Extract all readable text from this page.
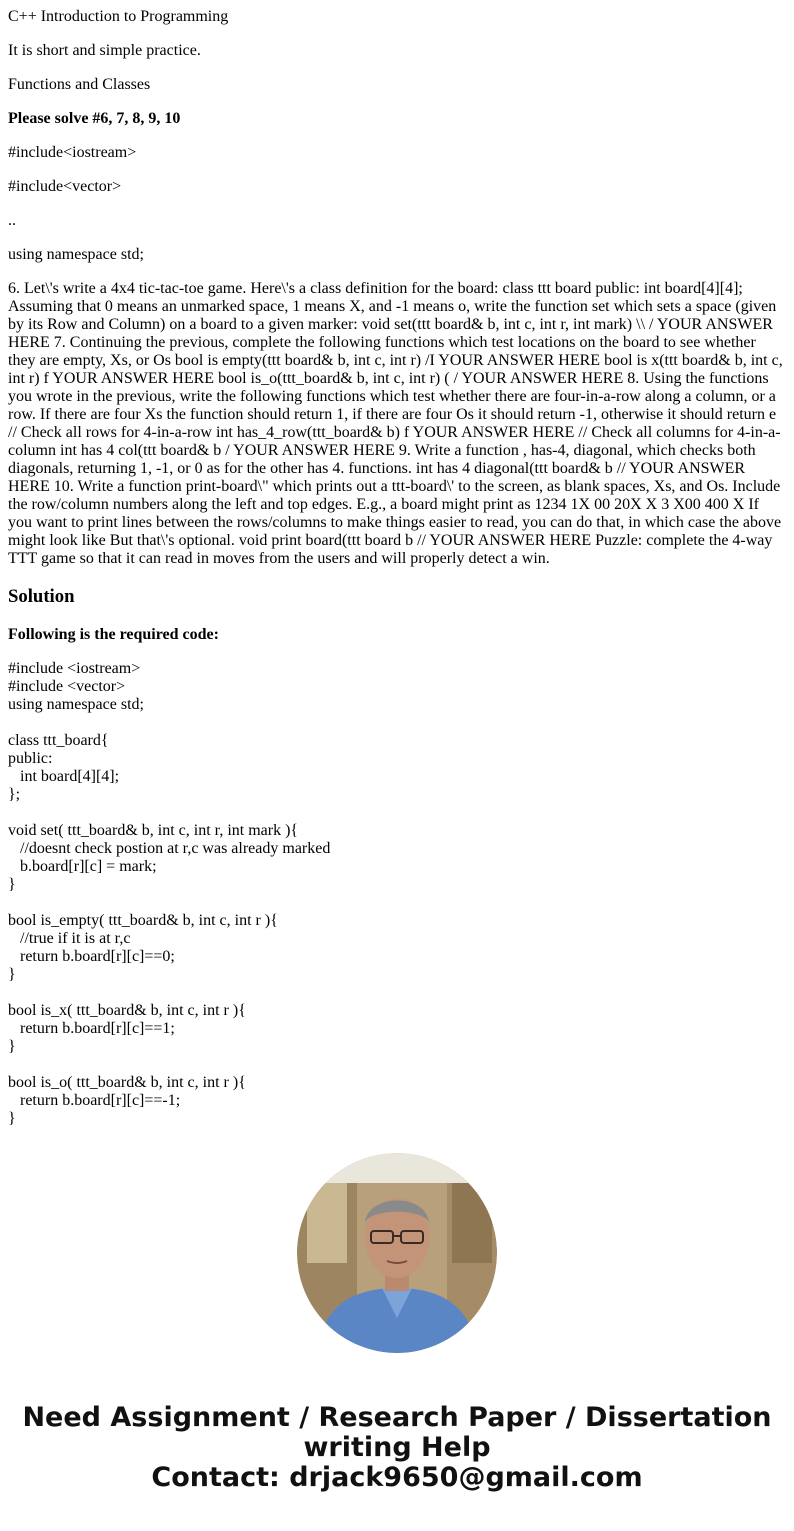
C++ Introduction to Programming

It is short and simple practice.

Functions and Classes

Please solve #6, 7, 8, 9, 10

#include<iostream>

#include<vector>

..

using namespace std;

6. Let\'s write a 4x4 tic-tac-toe game. Here\'s a class definition for the board: class ttt board public: int board[4][4]; Assuming that 0 means an unmarked space, 1 means X, and -1 means o, write the function set which sets a space (given by its Row and Column) on a board to a given marker: void set(ttt board& b, int c, int r, int mark) \\ / YOUR ANSWER HERE 7. Continuing the previous, complete the following functions which test locations on the board to see whether they are empty, Xs, or Os bool is empty(ttt board& b, int c, int r) /I YOUR ANSWER HERE bool is x(ttt board& b, int c, int r) f YOUR ANSWER HERE bool is_o(ttt_board& b, int c, int r) ( / YOUR ANSWER HERE 8. Using the functions you wrote in the previous, write the following functions which test whether there are four-in-a-row along a column, or a row. If there are four Xs the function should return 1, if there are four Os it should return -1, otherwise it should return e // Check all rows for 4-in-a-row int has_4_row(ttt_board& b) f YOUR ANSWER HERE // Check all columns for 4-in-a-column int has 4 col(ttt board& b / YOUR ANSWER HERE 9. Write a function , has-4, diagonal, which checks both diagonals, returning 1, -1, or 0 as for the other has 4. functions. int has 4 diagonal(ttt board& b // YOUR ANSWER HERE 10. Write a function print-board\" which prints out a ttt-board\' to the screen, as blank spaces, Xs, and Os. Include the row/column numbers along the left and top edges. E.g., a board might print as 1234 1X 00 20X X 3 X00 400 X If you want to print lines between the rows/columns to make things easier to read, you can do that, in which case the above might look like But that\'s optional. void print board(ttt board b // YOUR ANSWER HERE Puzzle: complete the 4-way TTT game so that it can read in moves from the users and will properly detect a win.

Solution

Following is the required code:

#include <iostream>
#include <vector>
using namespace std;
class ttt_board{
public:
int board[4][4];
};
void set( ttt_board& b, int c, int r, int mark ){
//doesnt check postion at r,c was already marked
b.board[r][c] = mark;
}
bool is_empty( ttt_board& b, int c, int r ){
//true if it is at r,c
return b.board[r][c]==0;
}
bool is_x( ttt_board& b, int c, int r ){
return b.board[r][c]==1;
}
bool is_o( ttt_board& b, int c, int r ){
return b.board[r][c]==-1;
}
Need Assignment / Research Paper / Dissertation
writing Help
Contact: drjack9650@gmail.com
